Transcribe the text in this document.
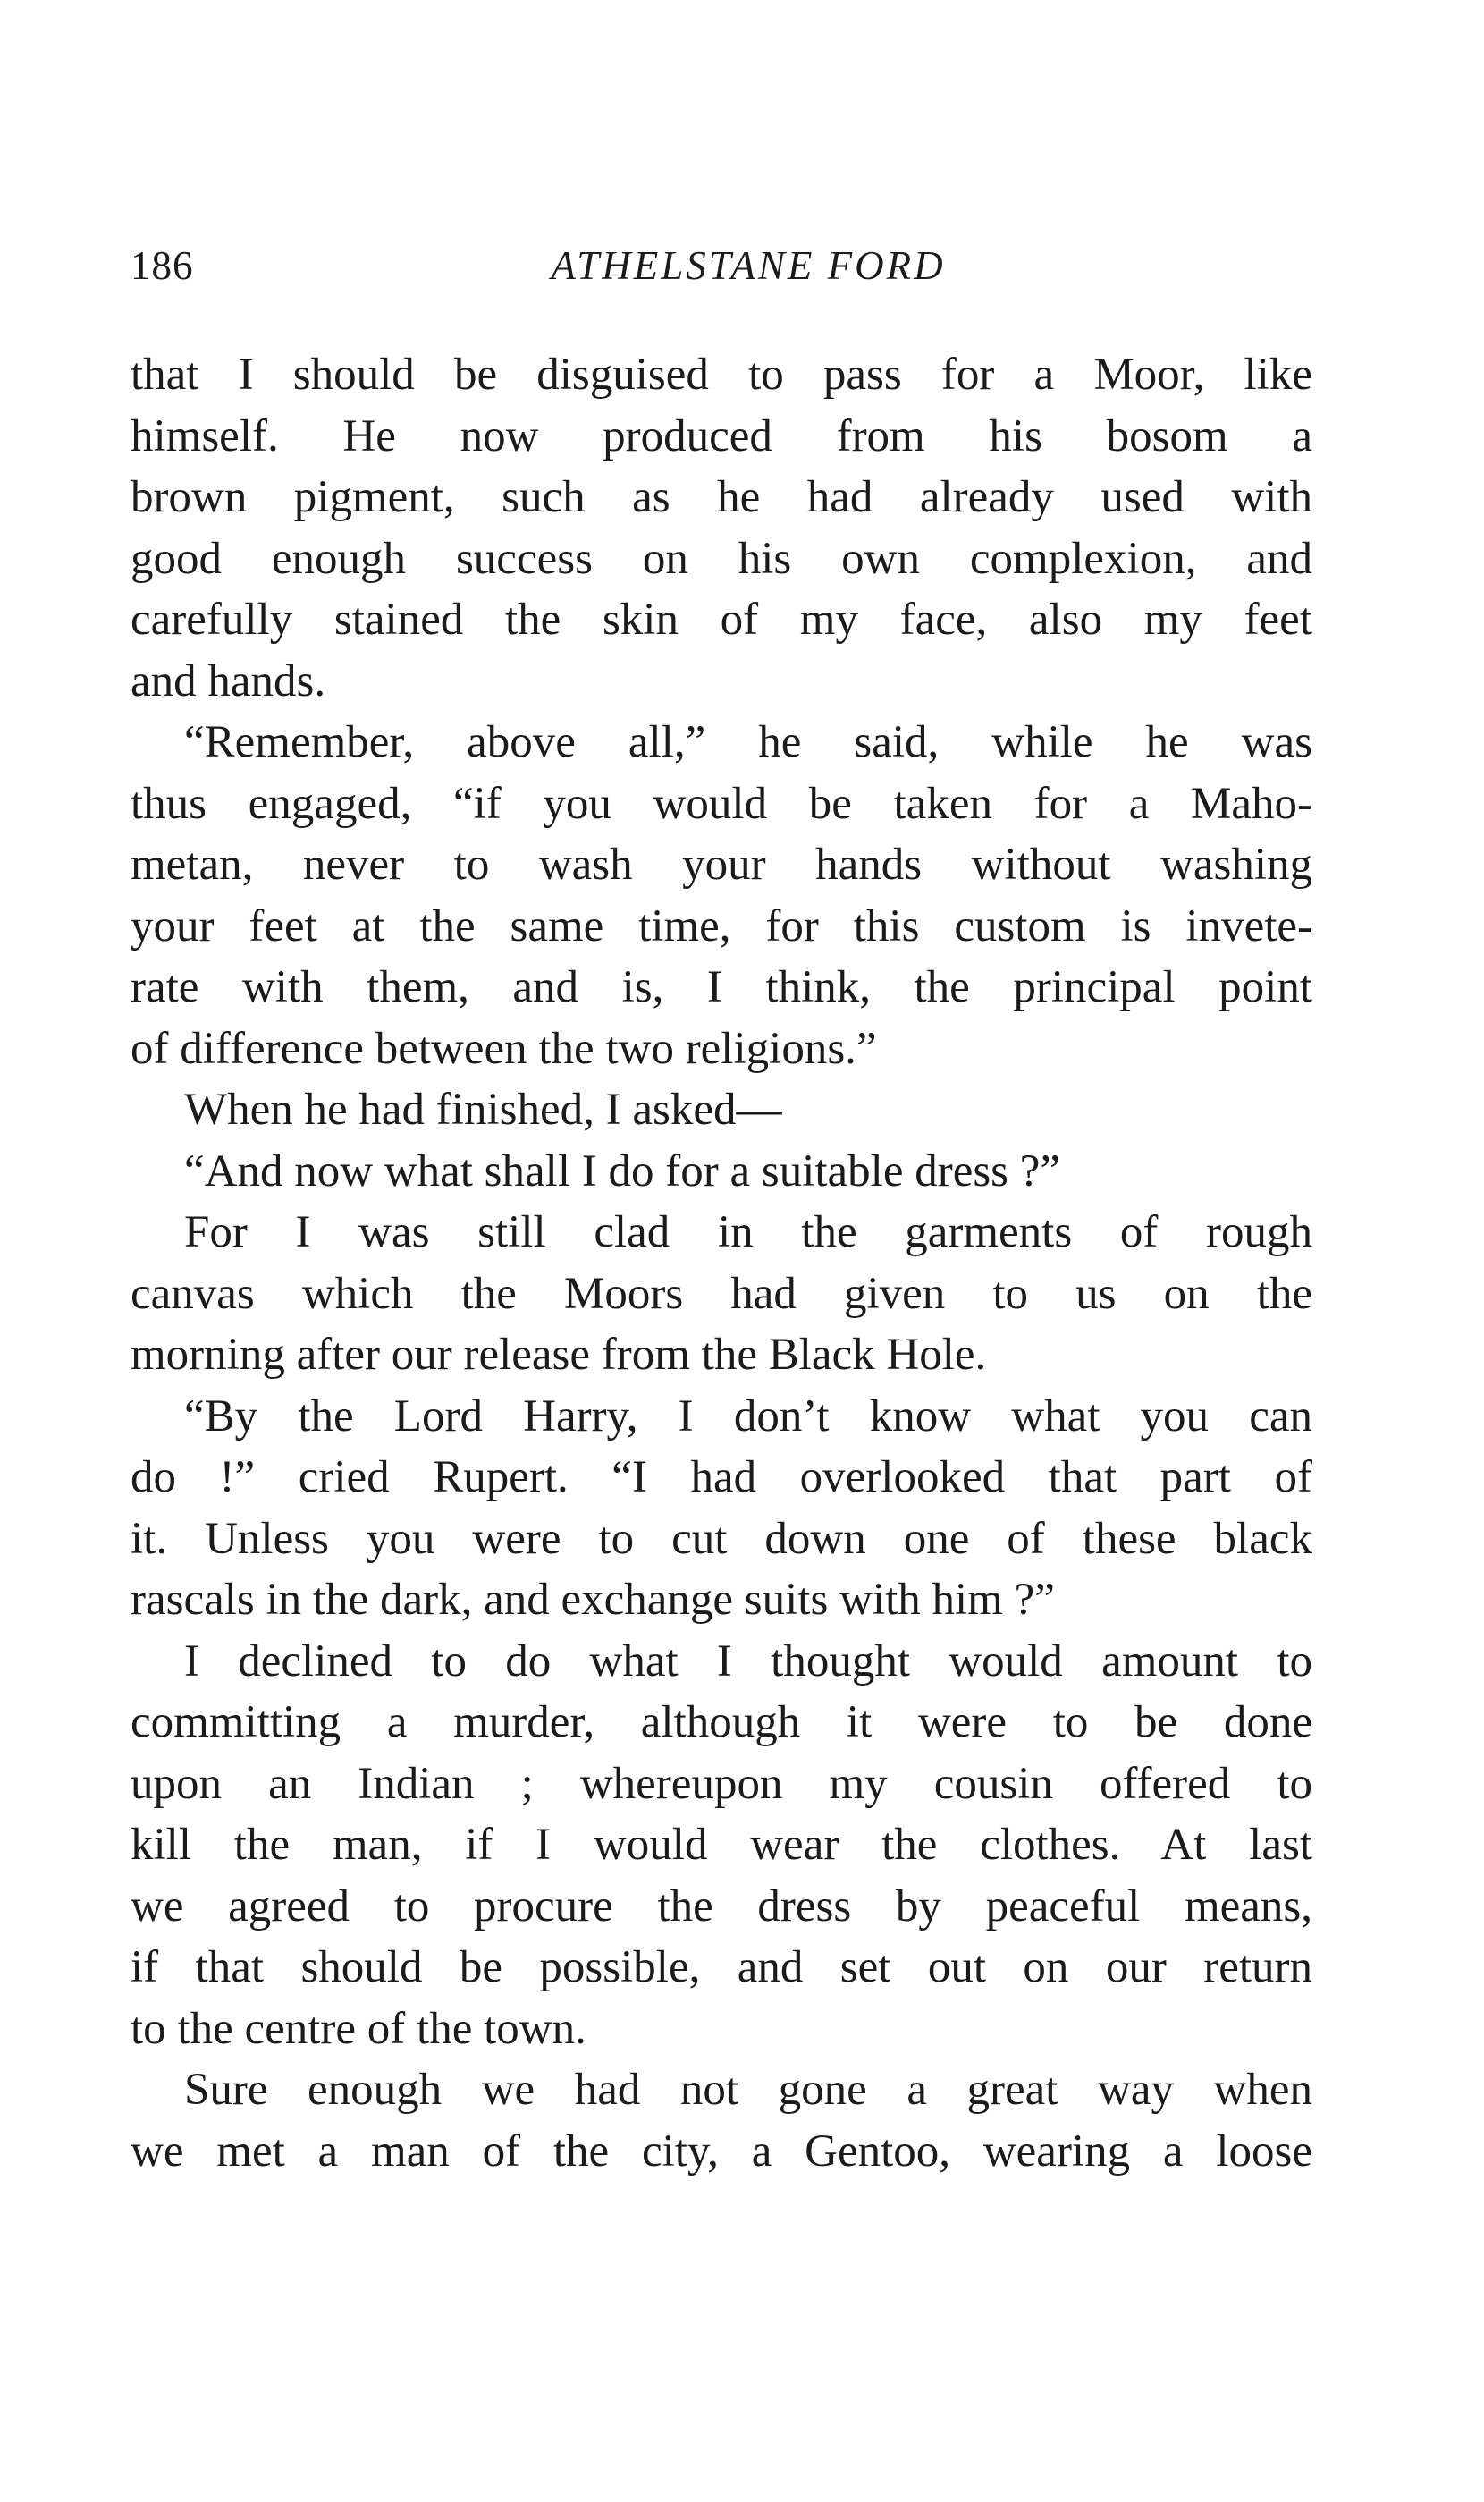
186	ATHELSTANE FORD
that I should be disguised to pass for a Moor, like
himself. He now produced from his bosom a
brown pigment, such as he had already used with
good enough success on his own complexion, and
carefully stained the skin of my face, also my feet
and hands.
“Remember, above all,” he said, while he was
thus engaged, “if you would be taken for a Maho-
metan, never to wash your hands without washing
your feet at the same time, for this custom is invete-
rate with them, and is, I think, the principal point
of difference between the two religions.”
When he had finished, I asked—
“And now what shall I do for a suitable dress ?”
For I was still clad in the garments of rough
canvas which the Moors had given to us on the
morning after our release from the Black Hole.
“By the Lord Harry, I don’t know what you can
do !” cried Rupert. “I had overlooked that part of
it. Unless you were to cut down one of these black
rascals in the dark, and exchange suits with him ?”
I declined to do what I thought would amount to
committing a murder, although it were to be done
upon an Indian ; whereupon my cousin offered to
kill the man, if I would wear the clothes. At last
we agreed to procure the dress by peaceful means,
if that should be possible, and set out on our return
to the centre of the town.
Sure enough we had not gone a great way when
we met a man of the city, a Gentoo, wearing a loose
